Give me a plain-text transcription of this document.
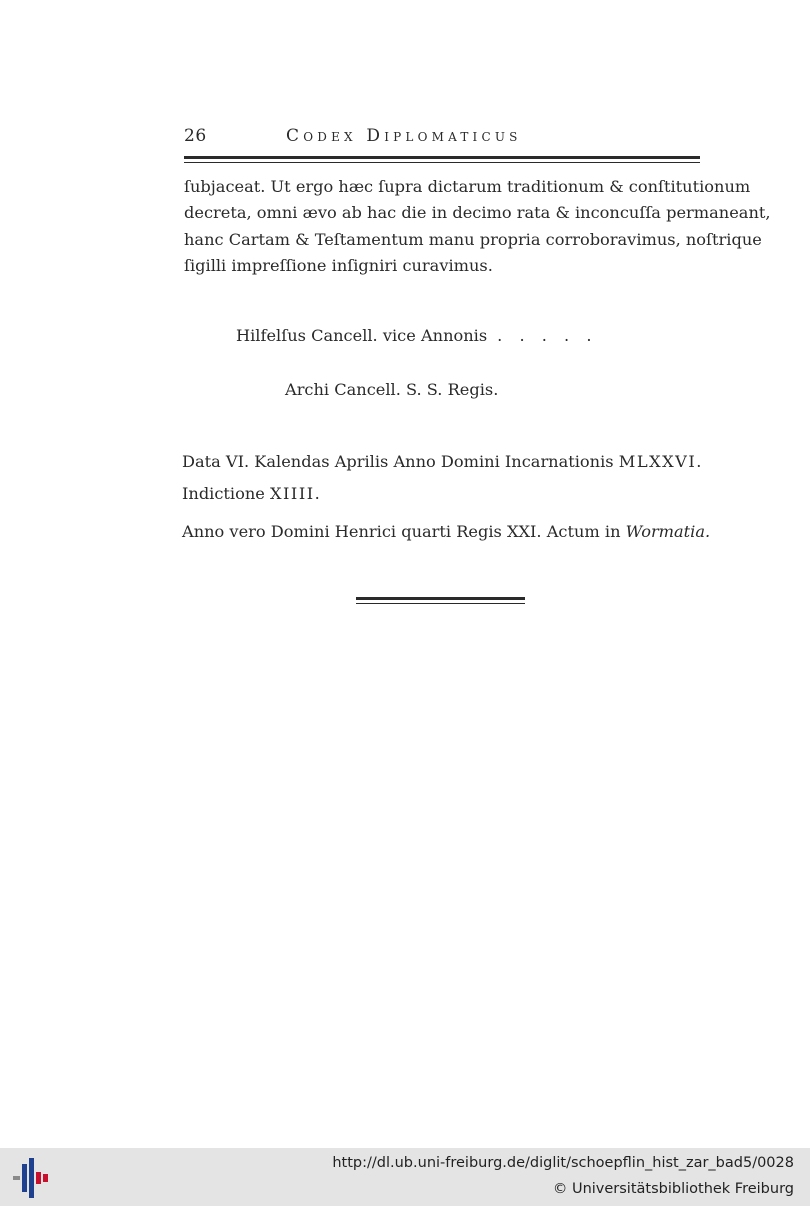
26	Codex Diplomaticus

ſubjaceat. Ut ergo hæc ſupra dictarum traditionum & conſtitutionum
decreta, omni ævo ab hac die in decimo rata & inconcuſſa permaneant,
hanc Cartam & Teſtamentum manu propria corroboravimus, noſtrique
ſigilli impreſſione inſigniri curavimus.

Hilfelſus Cancell. vice Annonis . . . . .
Archi Cancell. S. S. Regis.
Data VI. Kalendas Aprilis Anno Domini Incarnationis MLXXVI.
Indictione XIIII.
Anno vero Domini Henrici quarti Regis XXI. Actum in Wormatia.
http://dl.ub.uni-freiburg.de/diglit/schoepflin_hist_zar_bad5/0028
© Universitätsbibliothek Freiburg
